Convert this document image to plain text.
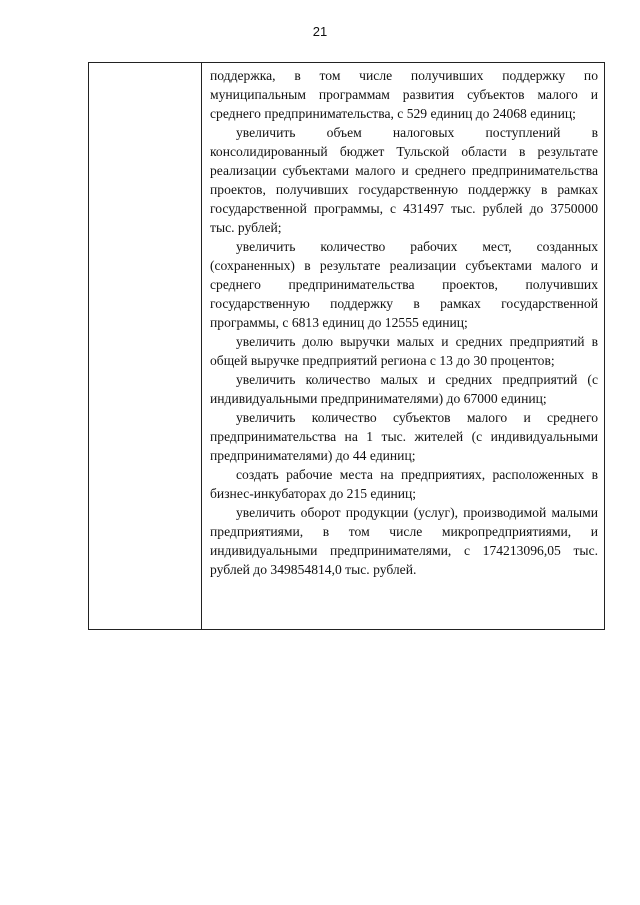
21

поддержка, в том числе получивших поддержку по муниципальным программам развития субъектов малого и среднего предпринимательства, с 529 единиц до 24068 единиц;

увеличить объем налоговых поступлений в консолидированный бюджет Тульской области в результате реализации субъектами малого и среднего предпринимательства проектов, получивших государственную поддержку в рамках государственной программы, с 431497 тыс. рублей до 3750000 тыс. рублей;

увеличить количество рабочих мест, созданных (сохраненных) в результате реализации субъектами малого и среднего предпринимательства проектов, получивших государственную поддержку в рамках государственной программы, с 6813 единиц до 12555 единиц;

увеличить долю выручки малых и средних предприятий в общей выручке предприятий региона с 13 до 30 процентов;

увеличить количество малых и средних предприятий (с индивидуальными предпринимателями) до 67000 единиц;

увеличить количество субъектов малого и среднего предпринимательства на 1 тыс. жителей (с индивидуальными предпринимателями) до 44 единиц;

создать рабочие места на предприятиях, расположенных в бизнес-инкубаторах до 215 единиц;

увеличить оборот продукции (услуг), производимой малыми предприятиями, в том числе микропредприятиями, и индивидуальными предпринимателями, с 174213096,05 тыс. рублей до 349854814,0 тыс. рублей.
